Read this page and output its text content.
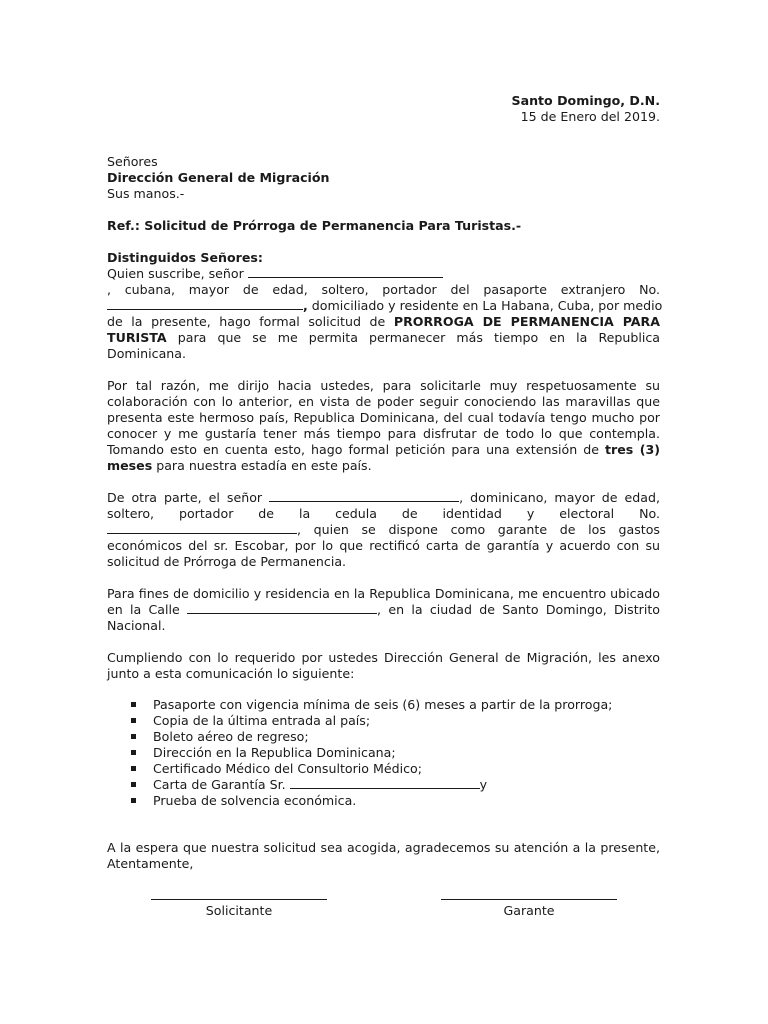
Santo Domingo, D.N.
15 de Enero del 2019.
Señores
Dirección General de Migración
Sus manos.-
Ref.: Solicitud de Prórroga de Permanencia Para Turistas.-
Distinguidos Señores:
Quien suscribe, señor
, cubana, mayor de edad, soltero, portador del pasaporte extranjero No.
, domiciliado y residente en La Habana, Cuba, por medio
de la presente, hago formal solicitud de PRORROGA DE PERMANENCIA PARA
TURISTA para que se me permita permanecer más tiempo en la Republica
Dominicana.
Por tal razón, me dirijo hacia ustedes, para solicitarle muy respetuosamente su
colaboración con lo anterior, en vista de poder seguir conociendo las maravillas que
presenta este hermoso país, Republica Dominicana, del cual todavía tengo mucho por
conocer y me gustaría tener más tiempo para disfrutar de todo lo que contempla.
Tomando esto en cuenta esto, hago formal petición para una extensión de tres (3)
meses para nuestra estadía en este país.
De otra parte, el señor	, dominicano, mayor de edad,
soltero, portador de la cedula de identidad y electoral No.
, quien se dispone como garante de los gastos
económicos del sr. Escobar, por lo que rectificó carta de garantía y acuerdo con su
solicitud de Prórroga de Permanencia.
Para fines de domicilio y residencia en la Republica Dominicana, me encuentro ubicado
en la Calle	, en la ciudad de Santo Domingo, Distrito
Nacional.
Cumpliendo con lo requerido por ustedes Dirección General de Migración, les anexo
junto a esta comunicación lo siguiente:
A la espera que nuestra solicitud sea acogida, agradecemos su atención a la presente,
Atentamente,
Pasaporte con vigencia mínima de seis (6) meses a partir de la prorroga;
Copia de la última entrada al país;
Boleto aéreo de regreso;
Dirección en la Republica Dominicana;
Certificado Médico del Consultorio Médico;
Carta de Garantía Sr.	y
Prueba de solvencia económica.
Solicitante	Garante
